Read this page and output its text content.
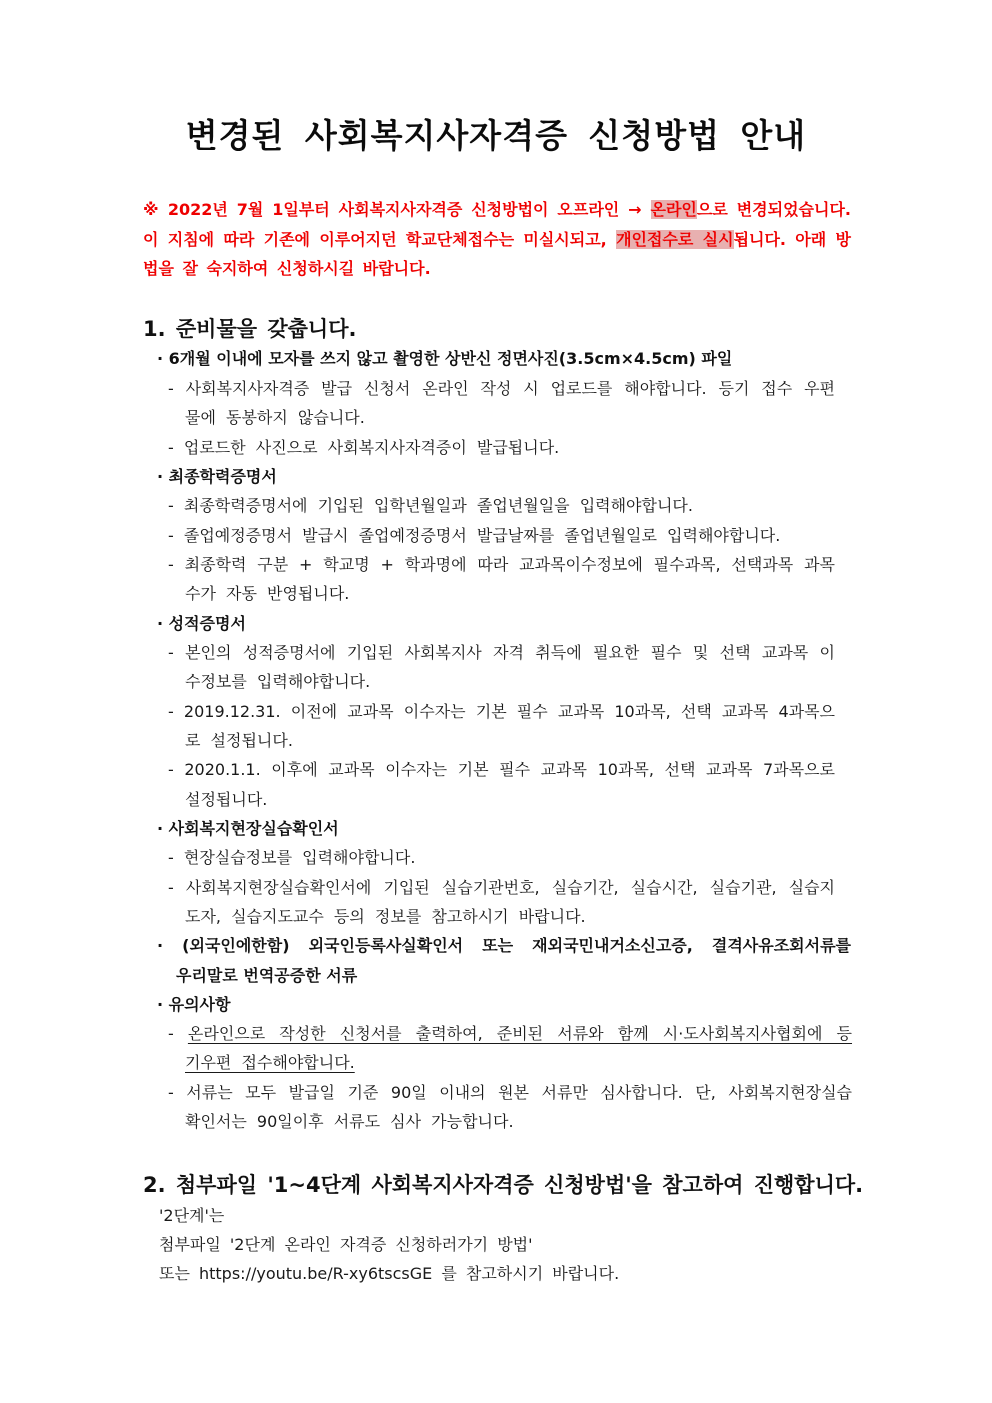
변경된 사회복지사자격증 신청방법 안내
※ 2022년 7월 1일부터 사회복지사자격증 신청방법이 오프라인 → 온라인으로 변경되었습니다. 이 지침에 따라 기존에 이루어지던 학교단체접수는 미실시되고, 개인접수로 실시됩니다. 아래 방법을 잘 숙지하여 신청하시길 바랍니다.
1. 준비물을 갖춥니다.
· 6개월 이내에 모자를 쓰지 않고 촬영한 상반신 정면사진(3.5cm×4.5cm) 파일
- 사회복지사자격증 발급 신청서 온라인 작성 시 업로드를 해야합니다. 등기 접수 우편
물에 동봉하지 않습니다.
- 업로드한 사진으로 사회복지사자격증이 발급됩니다.
· 최종학력증명서
- 최종학력증명서에 기입된 입학년월일과 졸업년월일을 입력해야합니다.
- 졸업예정증명서 발급시 졸업예정증명서 발급날짜를 졸업년월일로 입력해야합니다.
- 최종학력 구분 + 학교명 + 학과명에 따라 교과목이수정보에 필수과목, 선택과목 과목
수가 자동 반영됩니다.
· 성적증명서
- 본인의 성적증명서에 기입된 사회복지사 자격 취득에 필요한 필수 및 선택 교과목 이
수정보를 입력해야합니다.
- 2019.12.31. 이전에 교과목 이수자는 기본 필수 교과목 10과목, 선택 교과목 4과목으
로 설정됩니다.
- 2020.1.1. 이후에 교과목 이수자는 기본 필수 교과목 10과목, 선택 교과목 7과목으로
설정됩니다.
· 사회복지현장실습확인서
- 현장실습정보를 입력해야합니다.
- 사회복지현장실습확인서에 기입된 실습기관번호, 실습기간, 실습시간, 실습기관, 실습지
도자, 실습지도교수 등의 정보를 참고하시기 바랍니다.
· (외국인에한함) 외국인등록사실확인서 또는 재외국민내거소신고증, 결격사유조회서류를
우리말로 번역공증한 서류
· 유의사항
- 온라인으로 작성한 신청서를 출력하여, 준비된 서류와 함께 시·도사회복지사협회에 등
기우편 접수해야합니다.
- 서류는 모두 발급일 기준 90일 이내의 원본 서류만 심사합니다. 단, 사회복지현장실습
확인서는 90일이후 서류도 심사 가능합니다.
2. 첨부파일 '1~4단계 사회복지사자격증 신청방법'을 참고하여 진행합니다.
'2단계'는
첨부파일 '2단계 온라인 자격증 신청하러가기 방법'
또는 https://youtu.be/R-xy6tscsGE 를 참고하시기 바랍니다.
